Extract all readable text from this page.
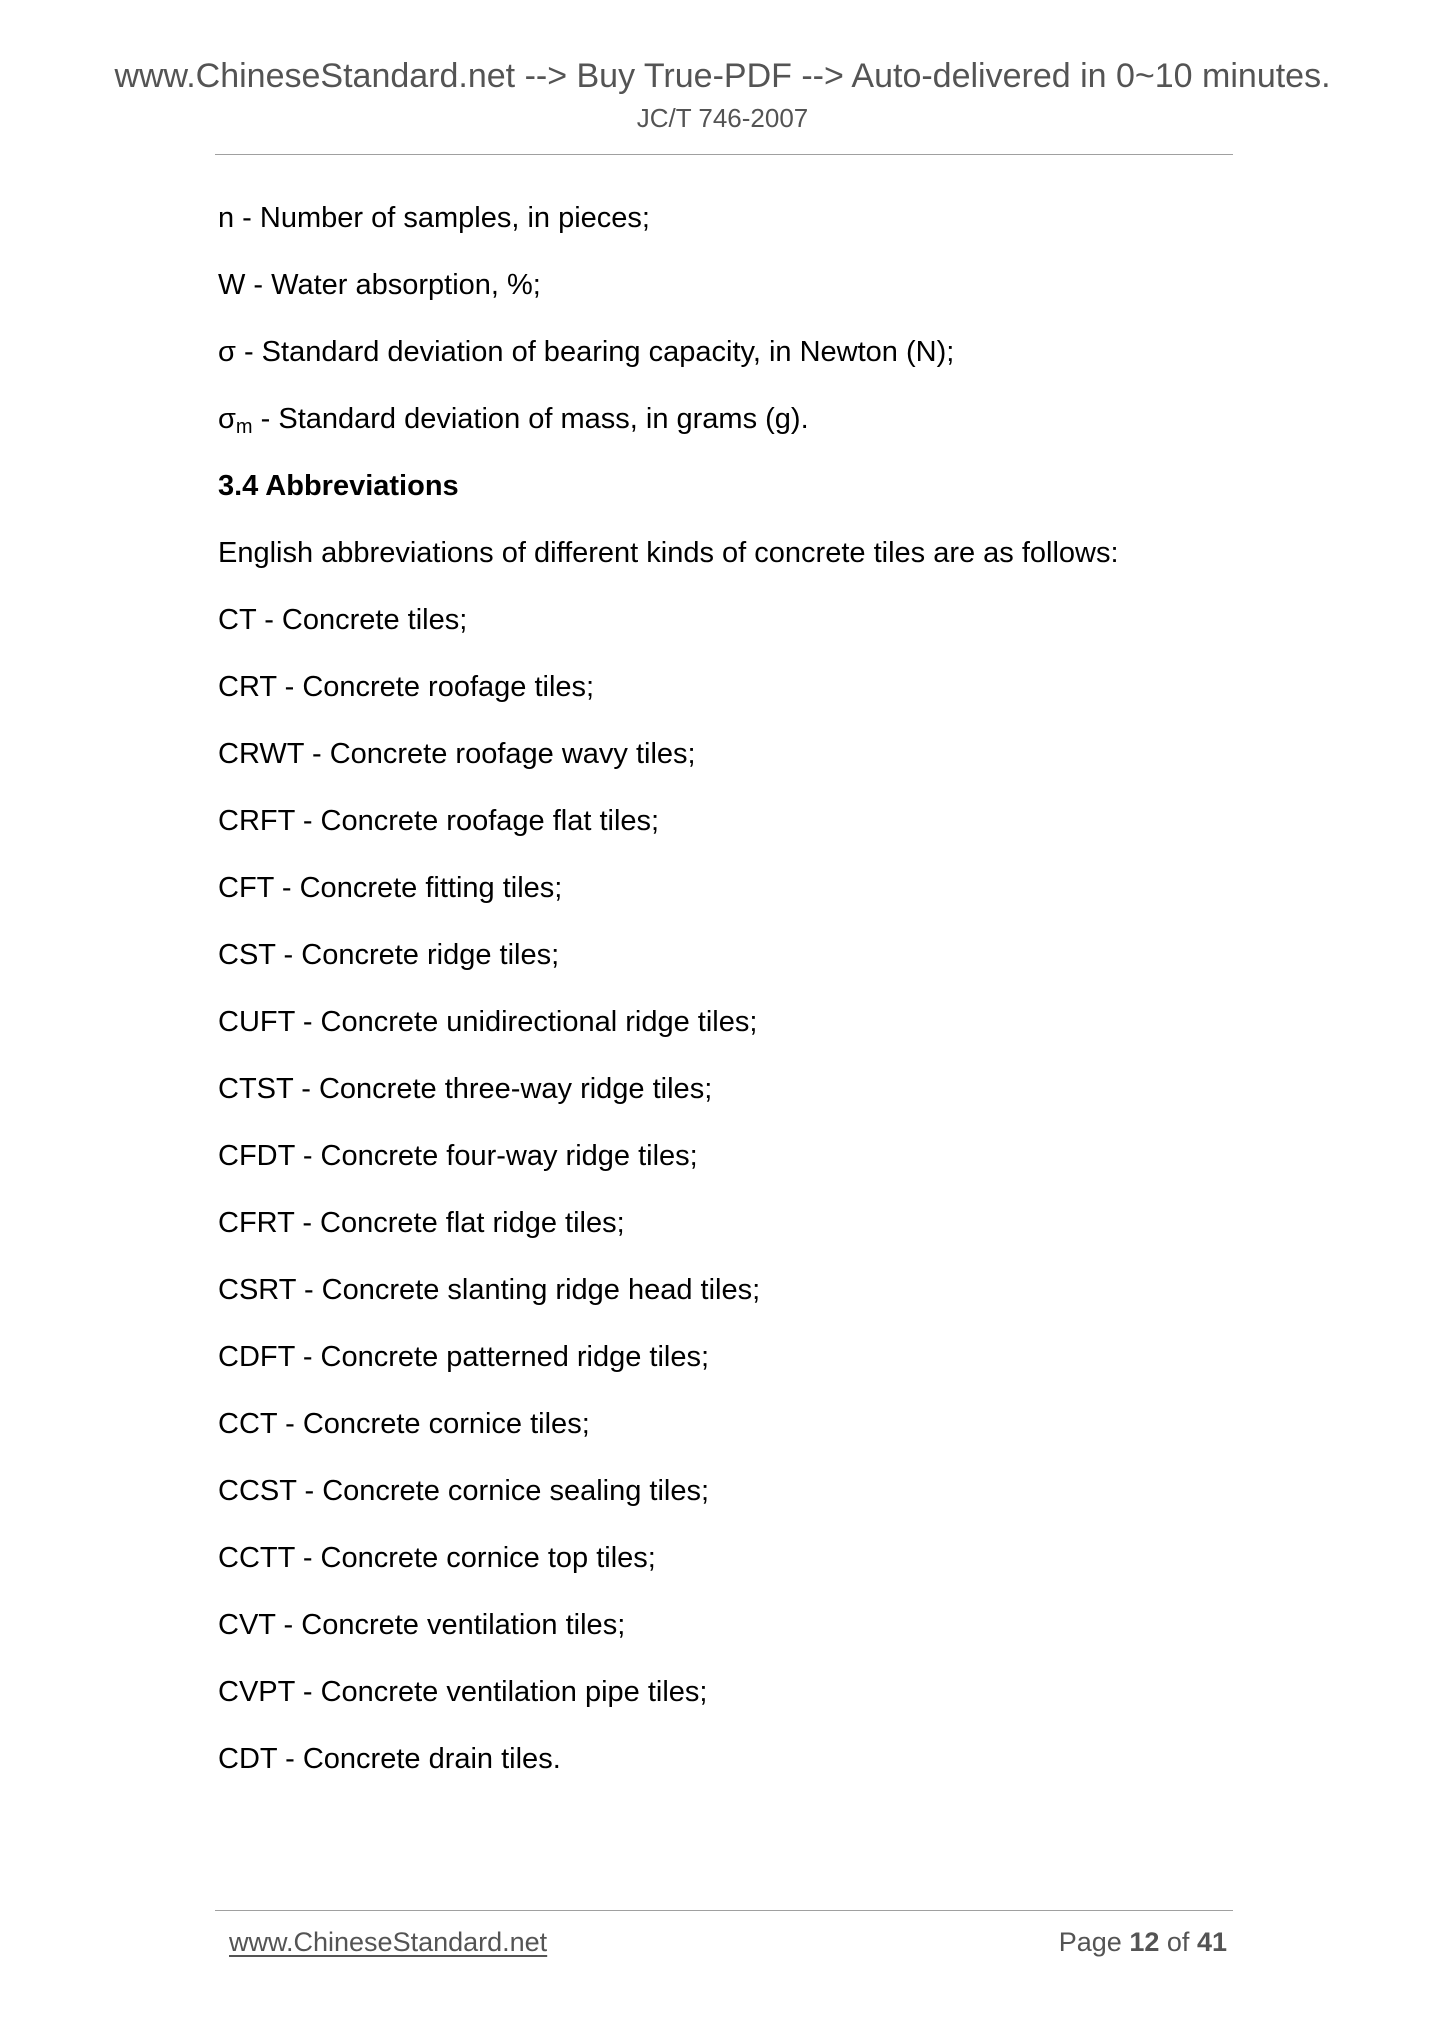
www.ChineseStandard.net --> Buy True-PDF --> Auto-delivered in 0~10 minutes.
JC/T 746-2007
n - Number of samples, in pieces;
W - Water absorption, %;
σ - Standard deviation of bearing capacity, in Newton (N);
$\sigma_m$ - Standard deviation of mass, in grams (g).
3.4 Abbreviations
English abbreviations of different kinds of concrete tiles are as follows:
CT - Concrete tiles;
CRT - Concrete roofage tiles;
CRWT - Concrete roofage wavy tiles;
CRFT - Concrete roofage flat tiles;
CFT - Concrete fitting tiles;
CST - Concrete ridge tiles;
CUFT - Concrete unidirectional ridge tiles;
CTST - Concrete three-way ridge tiles;
CFDT - Concrete four-way ridge tiles;
CFRT - Concrete flat ridge tiles;
CSRT - Concrete slanting ridge head tiles;
CDFT - Concrete patterned ridge tiles;
CCT - Concrete cornice tiles;
CCST - Concrete cornice sealing tiles;
CCTT - Concrete cornice top tiles;
CVT - Concrete ventilation tiles;
CVPT - Concrete ventilation pipe tiles;
CDT - Concrete drain tiles.
www.ChineseStandard.net	Page 12 of 41
